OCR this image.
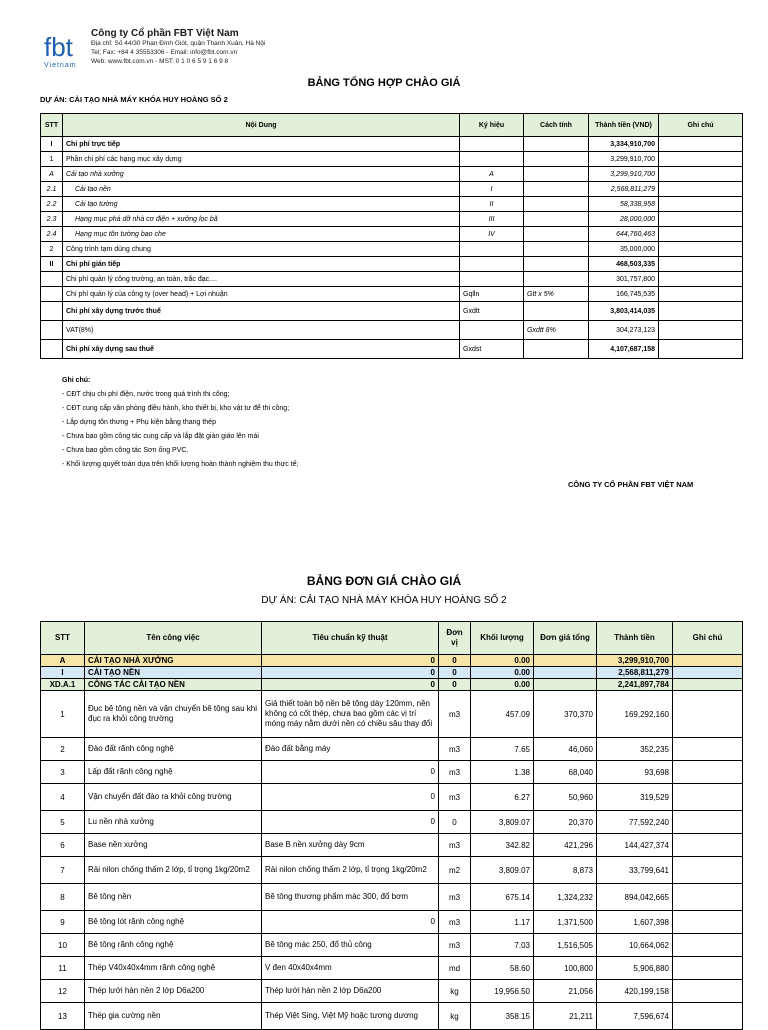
fbt
Vietnam
Công ty Cổ phần FBT Việt Nam
Địa chỉ: Số 44/30 Phan Đình Giót, quận Thanh Xuân, Hà Nội
Tel; Fax: +84 4 35553306 - Email: info@fbt.com.vn
Web: www.fbt.com.vn - MST: 0 1 0 6 5 9 1 6 9 8
BẢNG TỔNG HỢP CHÀO GIÁ
DỰ ÁN: CẢI TẠO NHÀ MÁY KHÓA HUY HOÀNG SỐ 2
STT	Nội Dung	Ký hiệu	Cách tính	Thành tiền (VND)	Ghi chú
I	Chi phí trực tiếp			3,334,910,700	
1	Phần chi phí các hạng mục xây dựng			3,299,910,700	
A	Cải tạo nhà xưởng	A		3,299,910,700	
2.1	Cải tạo nền	I		2,568,811,279	
2.2	Cải tạo tường	II		58,338,958	
2.3	Hạng mục phá dỡ nhà cơ điện + xưởng lọc bã	III		28,000,000	
2.4	Hạng mục tôn tường bao che	IV		644,760,463	
2	Công trình tạm dùng chung			35,000,000	
II	Chi phí gián tiếp			468,503,335	
	Chi phí quản lý công trường, an toàn, trắc đạc....			301,757,800	
	Chi phí quản lý của công ty (over head) + Lợi nhuận	Gqlln	Gtt x 5%	166,745,535	
	Chi phí xây dựng trước thuế	Gxdtt		3,803,414,035	
	VAT(8%)		Gxdtt 8%	304,273,123	
	Chi phí xây dựng sau thuế	Gxdst		4,107,687,158	
Ghi chú:
- CĐT chịu chi phí điện, nước trong quá trình thi công;
- CĐT cung cấp văn phòng điều hành, kho thiết bị, kho vật tư để thi công;
- Lắp dựng tôn thưng + Phụ kiện bằng thang thép
- Chưa bao gồm công tác cung cấp và lắp đặt giàn giáo lên mái
- Chưa bao gồm công tác Sơn ống PVC.
- Khối lượng quyết toán dựa trên khối lượng hoàn thành nghiệm thu thực tế;
CÔNG TY CỔ PHẦN FBT VIỆT NAM
BẢNG ĐƠN GIÁ CHÀO GIÁ
DỰ ÁN: CẢI TẠO NHÀ MÁY KHÓA HUY HOÀNG SỐ 2
STT	Tên công việc	Tiêu chuẩn kỹ thuật	Đơn vị	Khối lượng	Đơn giá tổng	Thành tiền	Ghi chú
A	CẢI TẠO NHÀ XƯỞNG	0	0	0.00		3,299,910,700	
I	CẢI TẠO NỀN	0	0	0.00		2,568,811,279	
XD.A.1	CÔNG TÁC CẢI TẠO NỀN	0	0	0.00		2,241,897,784	
1	Đục bê tông nền và vận chuyển bê tông sau khi đục ra khỏi công trường	Giả thiết toàn bộ nền bê tông dày 120mm, nền không có cốt thép, chưa bao gồm các vị trí móng máy nằm dưới nền có chiều sâu thay đổi	m3	457.09	370,370	169,292,160	
2	Đào đất rãnh công nghệ	Đào đất bằng máy	m3	7.65	46,060	352,235	
3	Lấp đất rãnh công nghệ	0	m3	1.38	68,040	93,698	
4	Vận chuyển đất đào ra khỏi công trường	0	m3	6.27	50,960	319,529	
5	Lu nền nhà xưởng	0	0	3,809.07	20,370	77,592,240	
6	Base nền xưởng	Base B nền xưởng dày 9cm	m3	342.82	421,296	144,427,374	
7	Rải nilon chống thấm 2 lớp, tỉ trọng 1kg/20m2	Rải nilon chống thấm 2 lớp, tỉ trọng 1kg/20m2	m2	3,809.07	8,873	33,799,641	
8	Bê tông nền	Bê tông thương phẩm mác 300, đổ bơm	m3	675.14	1,324,232	894,042,665	
9	Bê tông lót rãnh công nghệ	0	m3	1.17	1,371,500	1,607,398	
10	Bê tông rãnh công nghệ	Bê tông mác 250, đổ thủ công	m3	7.03	1,516,505	10,664,062	
11	Thép V40x40x4mm rãnh công nghệ	V đen 40x40x4mm	md	58.60	100,800	5,906,880	
12	Thép lưới hàn nền 2 lớp D6a200	Thép lưới hàn nền 2 lớp D6a200	kg	19,956.50	21,056	420,199,158	
13	Thép gia cường nền	Thép Việt Sing, Việt Mỹ hoặc tương dương	kg	358.15	21,211	7,596,674	
